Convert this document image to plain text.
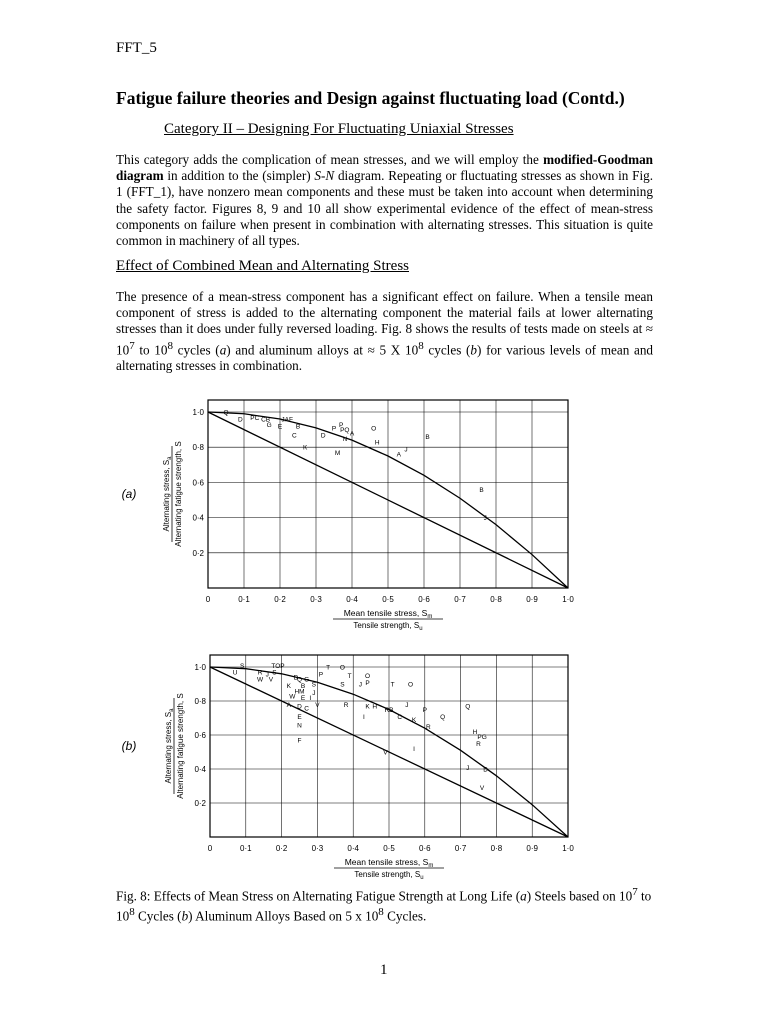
FFT_5
Fatigue failure theories and Design against fluctuating load (Contd.)
Category II – Designing For Fluctuating Uniaxial Stresses
This category adds the complication of mean stresses, and we will employ the modified-Goodman diagram in addition to the (simpler) S-N diagram. Repeating or fluctuating stresses as shown in Fig. 1 (FFT_1), have nonzero mean components and these must be taken into account when determining the safety factor. Figures 8, 9 and 10 all show experimental evidence of the effect of mean-stress components on failure when present in combination with alternating stresses. This situation is quite common in machinery of all types.
Effect of Combined Mean and Alternating Stress
The presence of a mean-stress component has a significant effect on failure. When a tensile mean component of stress is added to the alternating component the material fails at lower alternating stresses than it does under fully reversed loading. Fig. 8 shows the results of tests made on steels at ≈ $10^7$ to $10^8$ cycles (a) and aluminum alloys at ≈ 5 X $10^8$ cycles (b) for various levels of mean and alternating stresses in combination.
0	0·1	0·2	0·3	0·4	0·5	0·6	0·7	0·8	0·9	1·0
1·0
0·8
0·6
0·4
0·2
Q
D PC CB
G E
JAF
B
C	D
P
P
PQ
A
O
N
H
B
K
M	A
J
B
J
Mean tensile stress, $S_m$
Tensile strength, $S_u$
Alternating stress, $S_a$ Alternating fatigue strength, S
(a)
0	0·1	0·2	0·3	0·4	0·5	0·6	0·7	0·8	0·9	1·0
1·0
0·8
0·6
0·4
0·2
S	TOP	T O
U	R J S
W V	D
Q G
P	T O
K B S	S J P	T O
HM J
W E I
A D C V	R	K H RB
J
P	Q
E	I	C K	Q
N	R
F
H
PG
R
V	I
J D
V
Mean tensile stress, $S_m$
Tensile strength, $S_u$
Alternating stress, $S_a$ Alternating fatigue strength, S
(b)
Fig. 8: Effects of Mean Stress on Alternating Fatigue Strength at Long Life (a) Steels based on $10^7$ to $10^8$ Cycles (b) Aluminum Alloys Based on 5 x $10^8$ Cycles.
1
